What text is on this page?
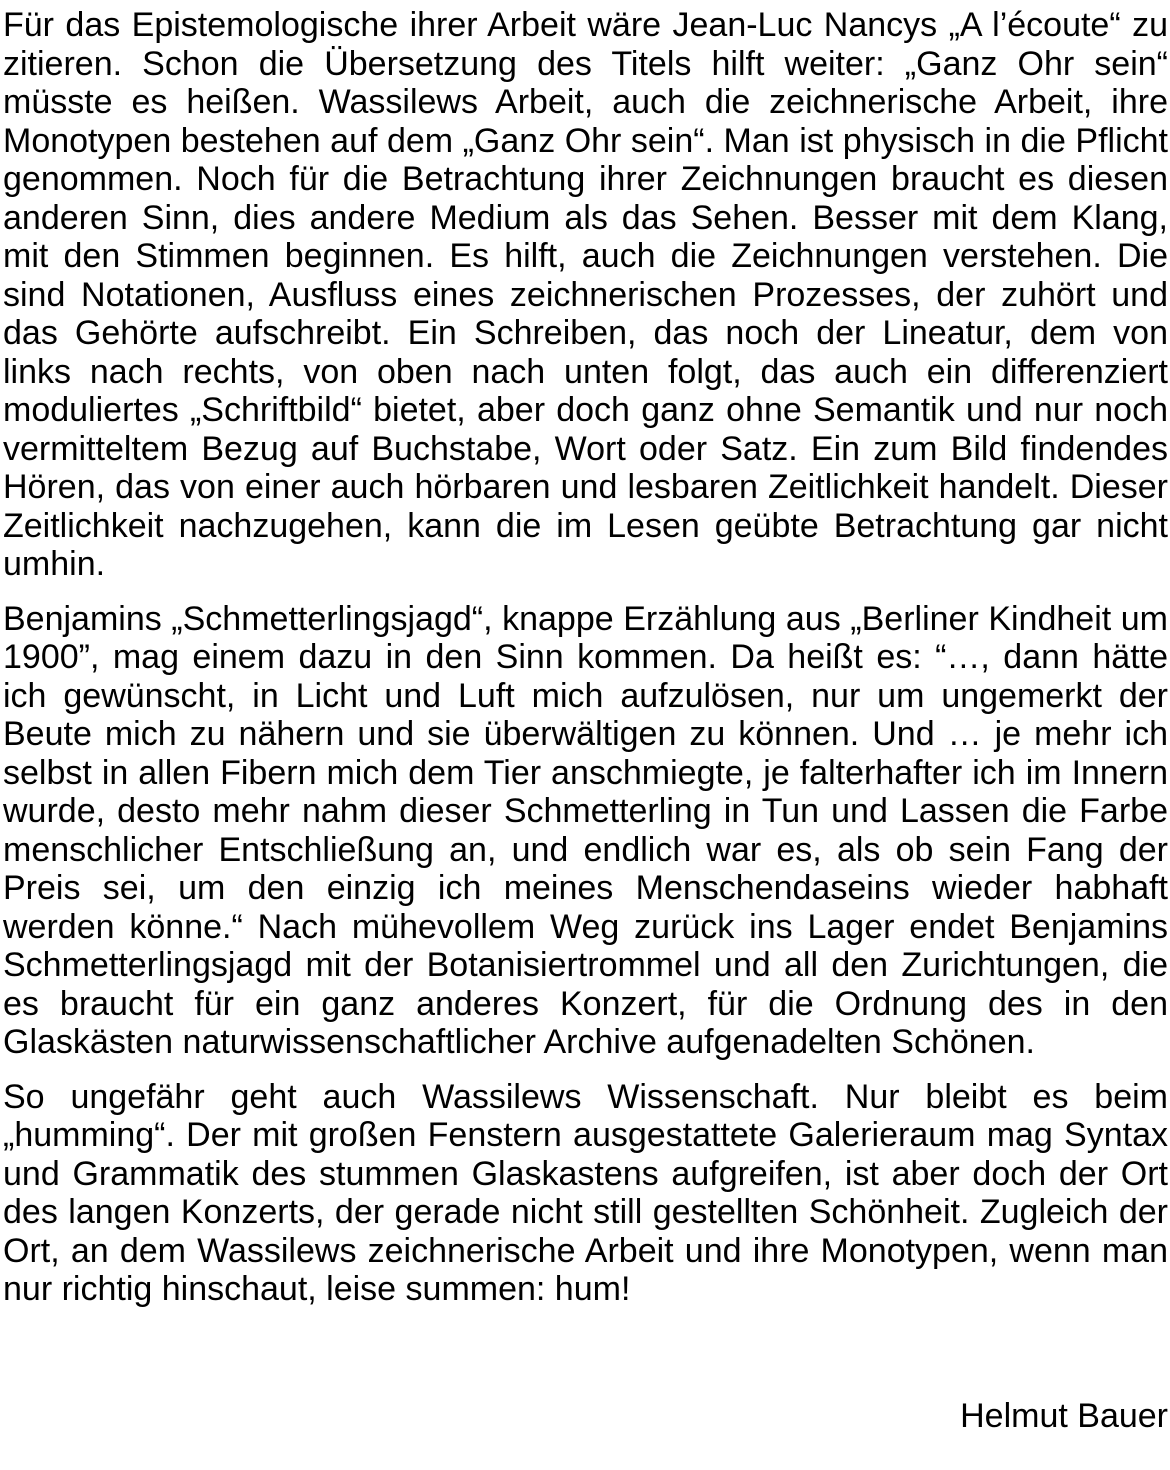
Für das Epistemologische ihrer Arbeit wäre Jean-Luc Nancys „A l’écoute“ zu zitieren. Schon die Übersetzung des Titels hilft weiter: „Ganz Ohr sein“ müsste es heißen. Wassilews Arbeit, auch die zeichnerische Arbeit, ihre Monotypen bestehen auf dem „Ganz Ohr sein“. Man ist physisch in die Pflicht genommen. Noch für die Betrachtung ihrer Zeichnungen braucht es diesen anderen Sinn, dies andere Medium als das Sehen. Besser mit dem Klang, mit den Stimmen beginnen. Es hilft, auch die Zeichnungen verstehen. Die sind Notationen, Ausfluss eines zeichnerischen Prozesses, der zuhört und das Gehörte aufschreibt. Ein Schreiben, das noch der Lineatur, dem von links nach rechts, von oben nach unten folgt, das auch ein differenziert moduliertes „Schriftbild“ bietet, aber doch ganz ohne Semantik und nur noch vermitteltem Bezug auf Buchstabe, Wort oder Satz. Ein zum Bild findendes Hören, das von einer auch hörbaren und lesbaren Zeitlichkeit handelt. Dieser Zeitlichkeit nachzugehen, kann die im Lesen geübte Betrachtung gar nicht umhin.

Benjamins „Schmetterlingsjagd“, knappe Erzählung aus „Berliner Kindheit um 1900”, mag einem dazu in den Sinn kommen. Da heißt es: “…, dann hätte ich gewünscht, in Licht und Luft mich aufzulösen, nur um ungemerkt der Beute mich zu nähern und sie überwältigen zu können. Und … je mehr ich selbst in allen Fibern mich dem Tier anschmiegte, je falterhafter ich im Innern wurde, desto mehr nahm dieser Schmetterling in Tun und Lassen die Farbe menschlicher Entschließung an, und endlich war es, als ob sein Fang der Preis sei, um den einzig ich meines Menschendaseins wieder habhaft werden könne.“ Nach mühevollem Weg zurück ins Lager endet Benjamins Schmetterlingsjagd mit der Botanisiertrommel und all den Zurichtungen, die es braucht für ein ganz anderes Konzert, für die Ordnung des in den Glaskästen naturwissenschaftlicher Archive aufgenadelten Schönen.

So ungefähr geht auch Wassilews Wissenschaft. Nur bleibt es beim „humming“. Der mit großen Fenstern ausgestattete Galerieraum mag Syntax und Grammatik des stummen Glaskastens aufgreifen, ist aber doch der Ort des langen Konzerts, der gerade nicht still gestellten Schönheit. Zugleich der Ort, an dem Wassilews zeichnerische Arbeit und ihre Monotypen, wenn man nur richtig hinschaut, leise summen: hum!

Helmut Bauer
